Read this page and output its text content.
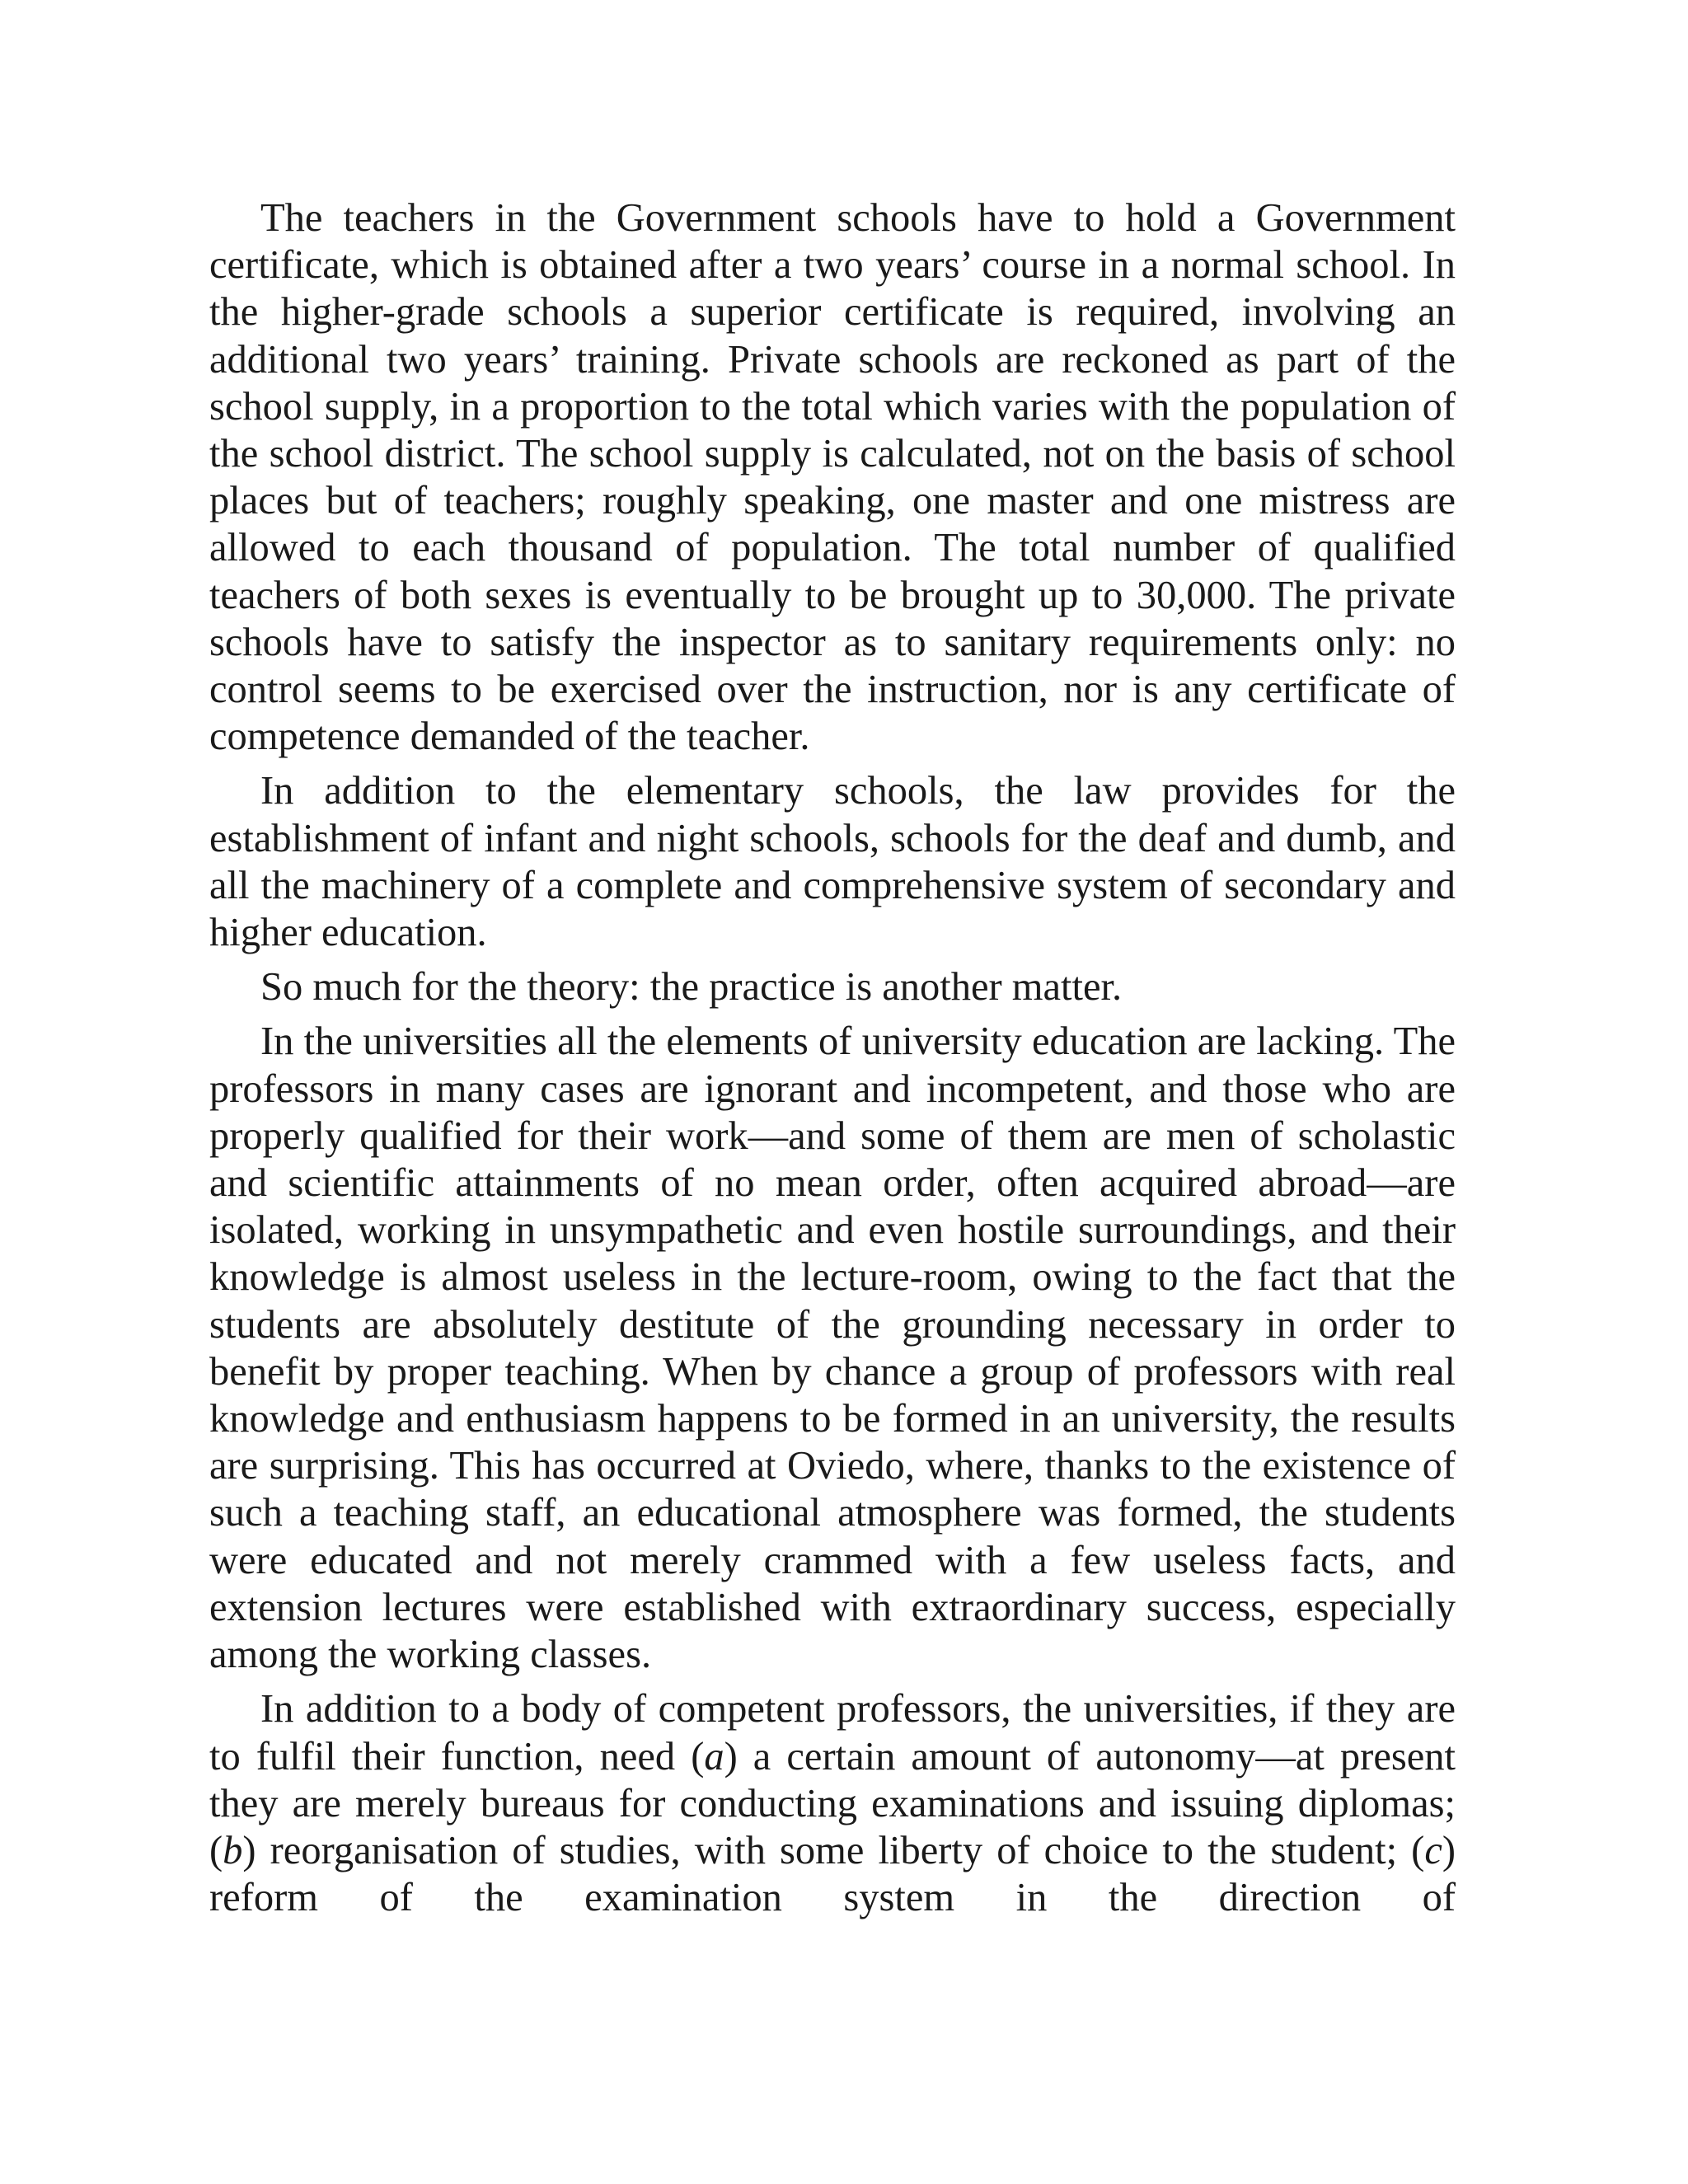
The teachers in the Government schools have to hold a Government certificate, which is obtained after a two years’ course in a normal school. In the higher-grade schools a superior certificate is required, involving an additional two years’ training. Private schools are reckoned as part of the school supply, in a proportion to the total which varies with the population of the school district. The school supply is calculated, not on the basis of school places but of teachers; roughly speaking, one master and one mistress are allowed to each thousand of population. The total number of qualified teachers of both sexes is eventually to be brought up to 30,000. The private schools have to satisfy the inspector as to sanitary requirements only: no control seems to be exercised over the instruction, nor is any certificate of competence demanded of the teacher.

In addition to the elementary schools, the law provides for the establishment of infant and night schools, schools for the deaf and dumb, and all the machinery of a complete and comprehensive system of secondary and higher education.

So much for the theory: the practice is another matter.

In the universities all the elements of university education are lacking. The professors in many cases are ignorant and incompetent, and those who are properly qualified for their work—and some of them are men of scholastic and scientific attainments of no mean order, often acquired abroad—are isolated, working in unsympathetic and even hostile surroundings, and their knowledge is almost useless in the lecture-room, owing to the fact that the students are absolutely destitute of the grounding necessary in order to benefit by proper teaching. When by chance a group of professors with real knowledge and enthusiasm happens to be formed in an university, the results are surprising. This has occurred at Oviedo, where, thanks to the existence of such a teaching staff, an educational atmosphere was formed, the students were educated and not merely crammed with a few useless facts, and extension lectures were established with extraordinary success, especially among the working classes.

In addition to a body of competent professors, the universities, if they are to fulfil their function, need (a) a certain amount of autonomy—at present they are merely bureaus for conducting examinations and issuing diplomas; (b) reorganisation of studies, with some liberty of choice to the student; (c) reform of the examination system in the direction of
